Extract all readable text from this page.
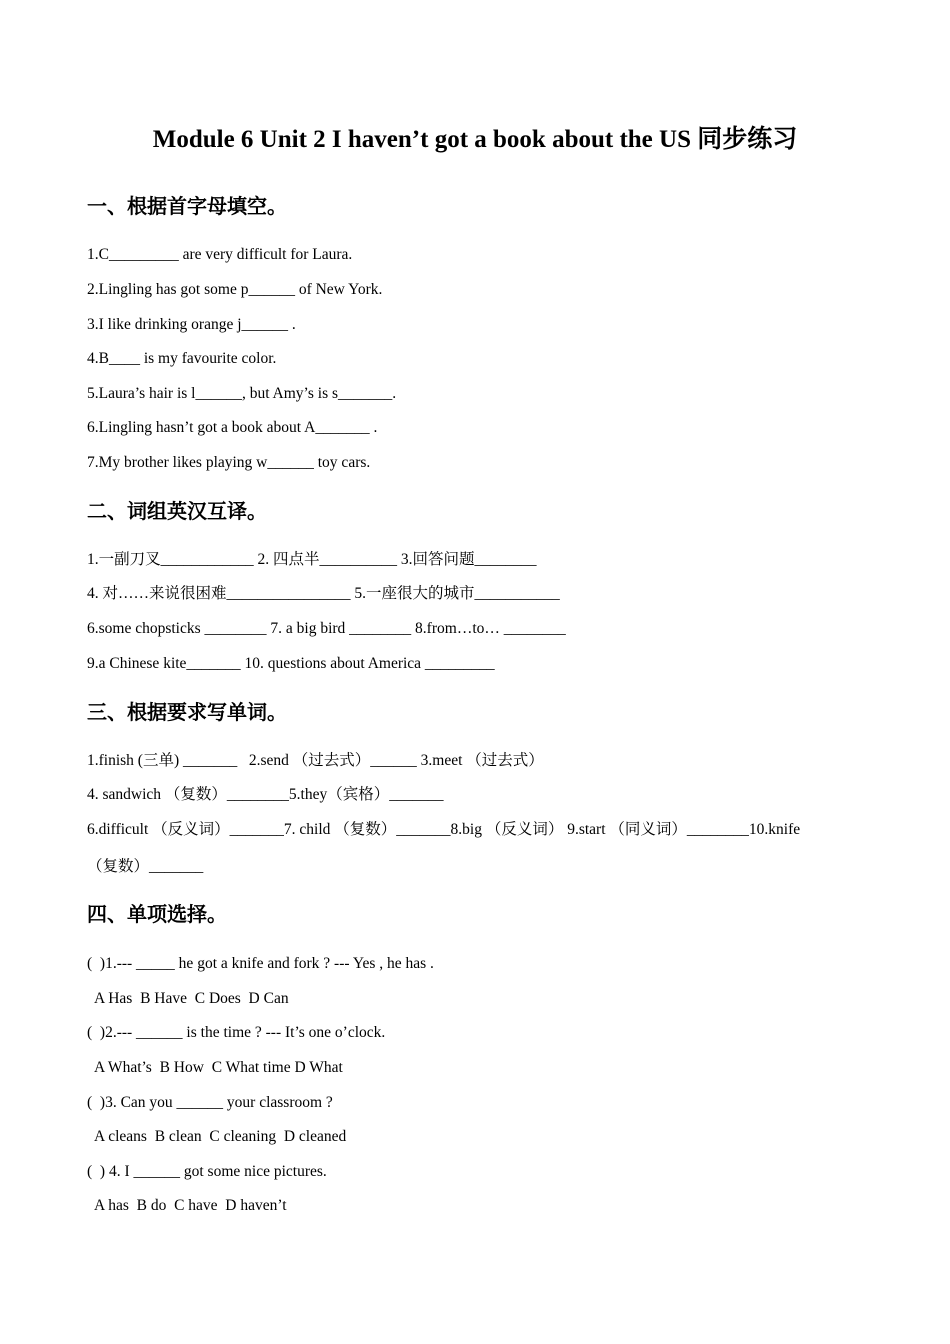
Module 6 Unit 2 I haven’t got a book about the US 同步练习
一、根据首字母填空。
1.C_________ are very difficult for Laura.
2.Lingling has got some p______ of New York.
3.I like drinking orange j______ .
4.B____ is my favourite color.
5.Laura’s hair is l______, but Amy’s is s_______.
6.Lingling hasn’t got a book about A_______ .
7.My brother likes playing w______ toy cars.
二、词组英汉互译。
1.一副刀叉____________ 2. 四点半__________ 3.回答问题________
4. 对……来说很困难________________ 5.一座很大的城市___________
6.some chopsticks ________ 7. a big bird ________ 8.from…to… ________
9.a Chinese kite_______ 10. questions about America _________
三、根据要求写单词。
1.finish (三单) _______   2.send （过去式）______ 3.meet （过去式）
4. sandwich （复数）________5.they（宾格）_______
6.difficult （反义词）_______7. child （复数）_______8.big （反义词） 9.start （同义词）________10.knife
（复数）_______
四、单项选择。
(  )1.--- _____ he got a knife and fork ? --- Yes , he has .
A Has  B Have  C Does  D Can
(  )2.--- ______ is the time ? --- It’s one o’clock.
A What’s  B How  C What time D What
(  )3. Can you ______ your classroom ?
A cleans  B clean  C cleaning  D cleaned
(  ) 4. I ______ got some nice pictures.
A has  B do  C have  D haven’t
